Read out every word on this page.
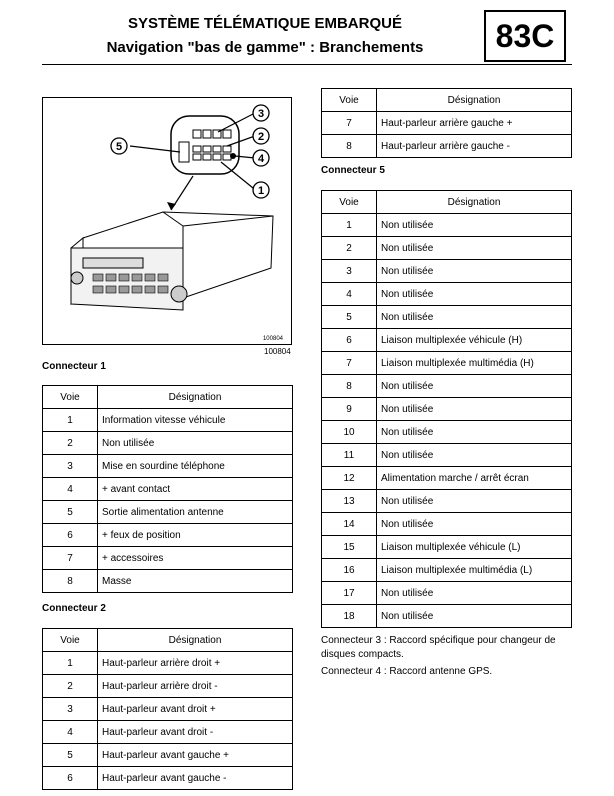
SYSTÈME TÉLÉMATIQUE EMBARQUÉ
Navigation "bas de gamme" : Branchements	83C
3
2
4
5
1
100804
100804
Connecteur 1
Voie	Désignation
1	Information vitesse véhicule
2	Non utilisée
3	Mise en sourdine téléphone
4	+ avant contact
5	Sortie alimentation antenne
6	+ feux de position
7	+ accessoires
8	Masse
Connecteur 2
Voie	Désignation
1	Haut-parleur arrière droit +
2	Haut-parleur arrière droit -
3	Haut-parleur avant droit +
4	Haut-parleur avant droit -
5	Haut-parleur avant gauche +
6	Haut-parleur avant gauche -
Voie	Désignation
7	Haut-parleur arrière gauche +
8	Haut-parleur arrière gauche -
Connecteur 5
Voie	Désignation
1	Non utilisée
2	Non utilisée
3	Non utilisée
4	Non utilisée
5	Non utilisée
6	Liaison multiplexée véhicule (H)
7	Liaison multiplexée multimédia (H)
8	Non utilisée
9	Non utilisée
10	Non utilisée
11	Non utilisée
12	Alimentation marche / arrêt écran
13	Non utilisée
14	Non utilisée
15	Liaison multiplexée véhicule (L)
16	Liaison multiplexée multimédia (L)
17	Non utilisée
18	Non utilisée
Connecteur 3 : Raccord spécifique pour changeur de disques compacts.
Connecteur 4 : Raccord antenne GPS.
